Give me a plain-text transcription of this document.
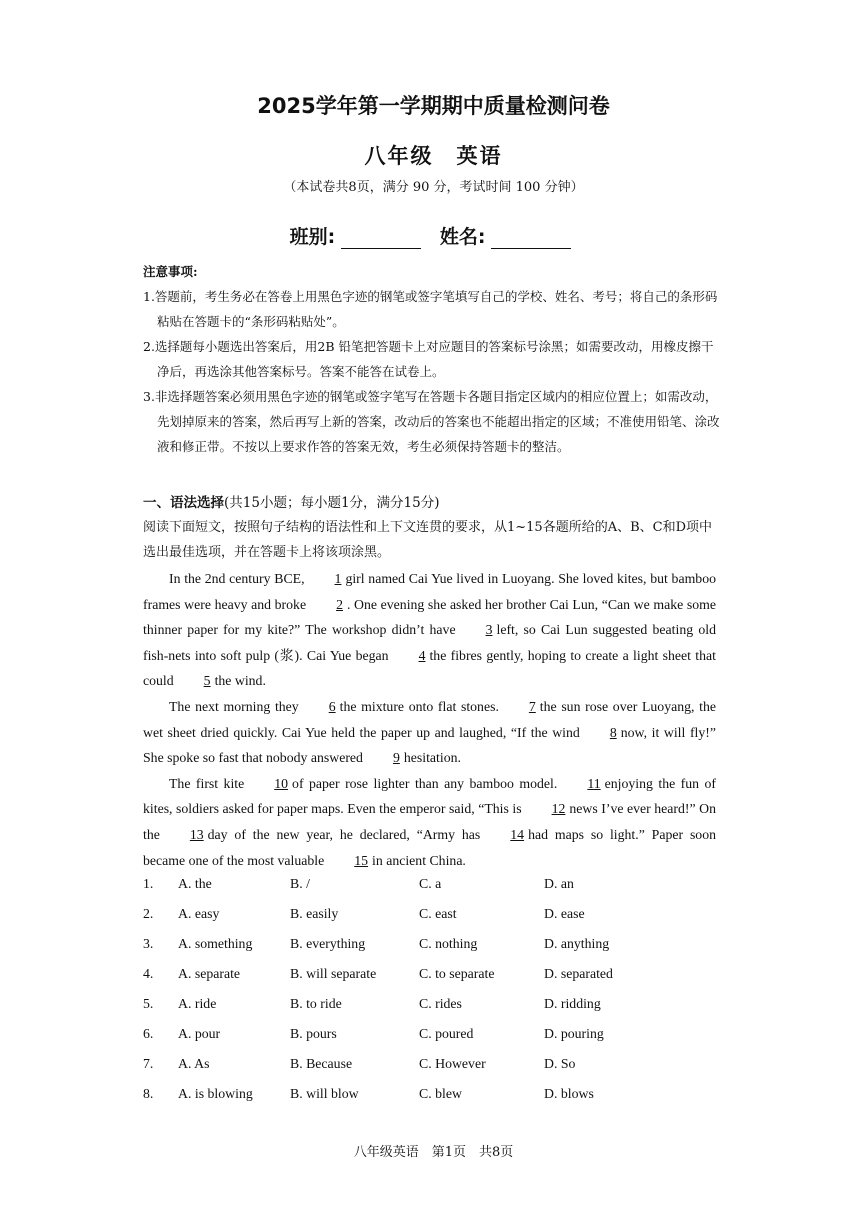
2025学年第一学期期中质量检测问卷
八年级　英语
（本试卷共8页，满分 90 分，考试时间 100 分钟）
班别:	姓名:
注意事项:

1.答题前，考生务必在答卷上用黑色字迹的钢笔或签字笔填写自己的学校、姓名、考号；将自己的条形码粘贴在答题卡的“条形码粘贴处”。

2.选择题每小题选出答案后，用2B 铅笔把答题卡上对应题目的答案标号涂黑；如需要改动，用橡皮擦干净后，再选涂其他答案标号。答案不能答在试卷上。

3.非选择题答案必须用黑色字迹的钢笔或签字笔写在答题卡各题目指定区域内的相应位置上；如需改动，先划掉原来的答案，然后再写上新的答案，改动后的答案也不能超出指定的区域；不准使用铅笔、涂改液和修正带。不按以上要求作答的答案无效，考生必须保持答题卡的整洁。

一、语法选择(共15小题；每小题1分，满分15分)
阅读下面短文，按照句子结构的语法性和上下文连贯的要求，从1~15各题所给的A、B、C和D项中选出最佳选项，并在答题卡上将该项涂黑。

In the 2nd century BCE, 1 girl named Cai Yue lived in Luoyang. She loved kites, but bamboo frames were heavy and broke 2 . One evening she asked her brother Cai Lun, “Can we make some thinner paper for my kite?” The workshop didn’t have 3 left, so Cai Lun suggested beating old fish-nets into soft pulp (浆). Cai Yue began 4 the fibres gently, hoping to create a light sheet that could 5 the wind.

The next morning they 6 the mixture onto flat stones. 7 the sun rose over Luoyang, the wet sheet dried quickly. Cai Yue held the paper up and laughed, “If the wind 8 now, it will fly!” She spoke so fast that nobody answered 9 hesitation.

The first kite 10 of paper rose lighter than any bamboo model. 11 enjoying the fun of kites, soldiers asked for paper maps. Even the emperor said, “This is 12 news I’ve ever heard!” On the 13 day of the new year, he declared, “Army has 14 had maps so light.” Paper soon became one of the most valuable 15 in ancient China.

1. A. the	B. /	C. a	D. an
2. A. easy	B. easily	C. east	D. ease
3. A. something	B. everything	C. nothing	D. anything
4. A. separate	B. will separate	C. to separate	D. separated
5. A. ride	B. to ride	C. rides	D. ridding
6. A. pour	B. pours	C. poured	D. pouring
7. A. As	B. Because	C. However	D. So
8. A. is blowing	B. will blow	C. blew	D. blows
八年级英语　第1页　共8页
